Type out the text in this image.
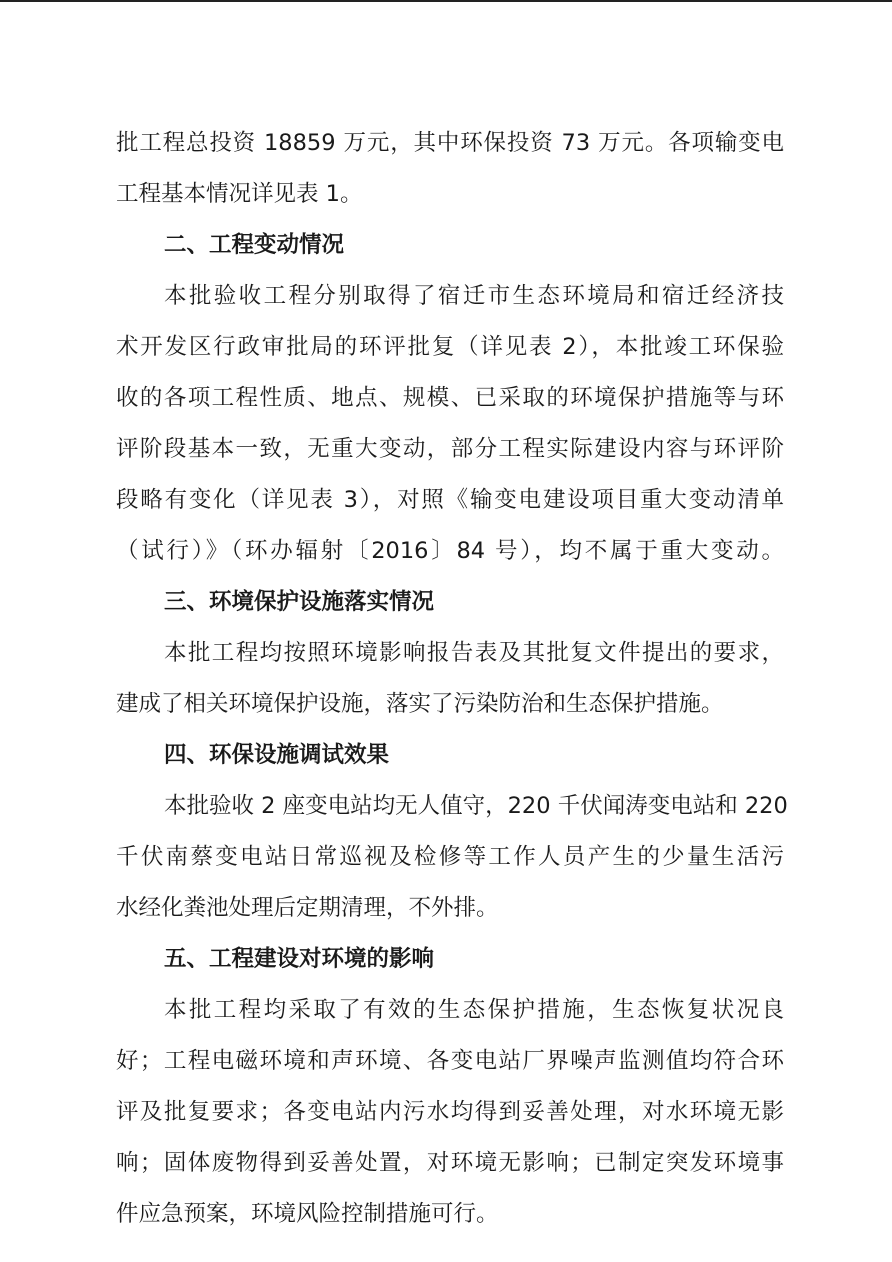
批工程总投资 18859 万元，其中环保投资 73 万元。各项输变电
工程基本情况详见表 1。
二、工程变动情况
本批验收工程分别取得了宿迁市生态环境局和宿迁经济技
术开发区行政审批局的环评批复（详见表 2），本批竣工环保验
收的各项工程性质、地点、规模、已采取的环境保护措施等与环
评阶段基本一致，无重大变动，部分工程实际建设内容与环评阶
段略有变化（详见表 3），对照《输变电建设项目重大变动清单
（试行）》（环办辐射〔2016〕84 号），均不属于重大变动。
三、环境保护设施落实情况
本批工程均按照环境影响报告表及其批复文件提出的要求，
建成了相关环境保护设施，落实了污染防治和生态保护措施。
四、环保设施调试效果
本批验收 2 座变电站均无人值守，220 千伏闻涛变电站和 220
千伏南蔡变电站日常巡视及检修等工作人员产生的少量生活污
水经化粪池处理后定期清理，不外排。
五、工程建设对环境的影响
本批工程均采取了有效的生态保护措施，生态恢复状况良
好；工程电磁环境和声环境、各变电站厂界噪声监测值均符合环
评及批复要求；各变电站内污水均得到妥善处理，对水环境无影
响；固体废物得到妥善处置，对环境无影响；已制定突发环境事
件应急预案，环境风险控制措施可行。
